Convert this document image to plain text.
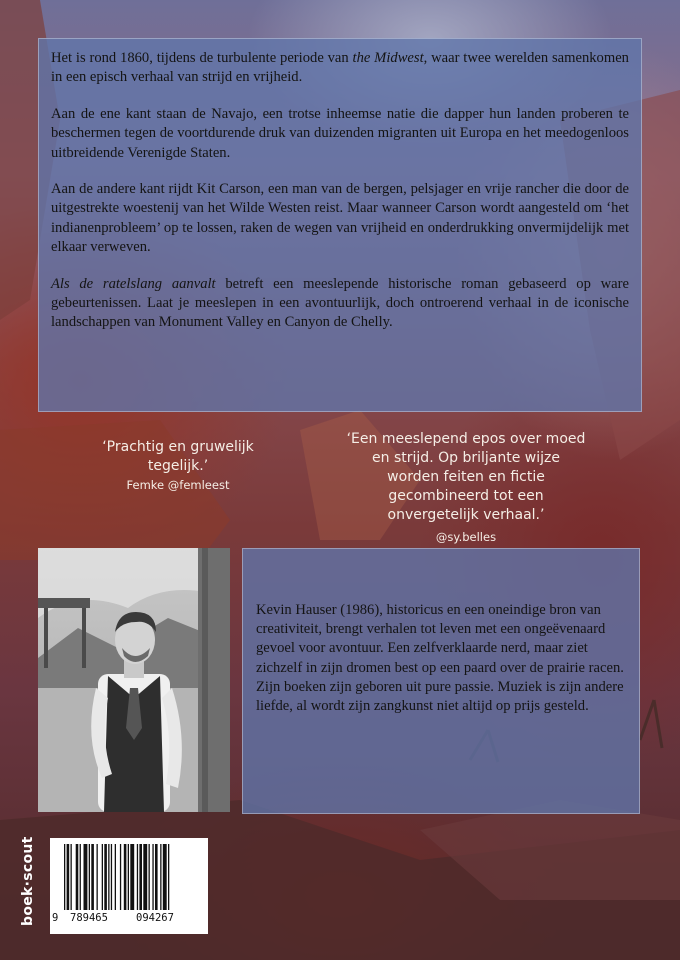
Het is rond 1860, tijdens de turbulente periode van the Midwest, waar twee werelden samenkomen in een episch verhaal van strijd en vrijheid.

Aan de ene kant staan de Navajo, een trotse inheemse natie die dapper hun landen proberen te beschermen tegen de voortdurende druk van duizenden migranten uit Europa en het meedogenloos uitbreidende Verenigde Staten.

Aan de andere kant rijdt Kit Carson, een man van de bergen, pelsjager en vrije rancher die door de uitgestrekte woestenij van het Wilde Westen reist. Maar wanneer Carson wordt aangesteld om ‘het indianenprobleem’ op te lossen, raken de wegen van vrijheid en onderdrukking onvermijdelijk met elkaar verweven.

Als de ratelslang aanvalt betreft een meeslepende historische roman gebaseerd op ware gebeurtenissen. Laat je meeslepen in een avontuurlijk, doch ontroerend verhaal in de iconische landschappen van Monument Valley en Canyon de Chelly.

‘Prachtig en gruwelijk tegelijk.’
Femke @femleest
‘Een meeslepend epos over moed en strijd. Op briljante wijze worden feiten en fictie gecombineerd tot een onvergetelijk verhaal.’
@sy.belles
Kevin Hauser (1986), historicus en een oneindige bron van creativiteit, brengt verhalen tot leven met een ongeëvenaard gevoel voor avontuur. Een zelfverklaarde nerd, maar ziet zichzelf in zijn dromen best op een paard over de prairie racen. Zijn boeken zijn geboren uit pure passie. Muziek is zijn andere liefde, al wordt zijn zangkunst niet altijd op prijs gesteld.
boek·scout	9 789465	094267
